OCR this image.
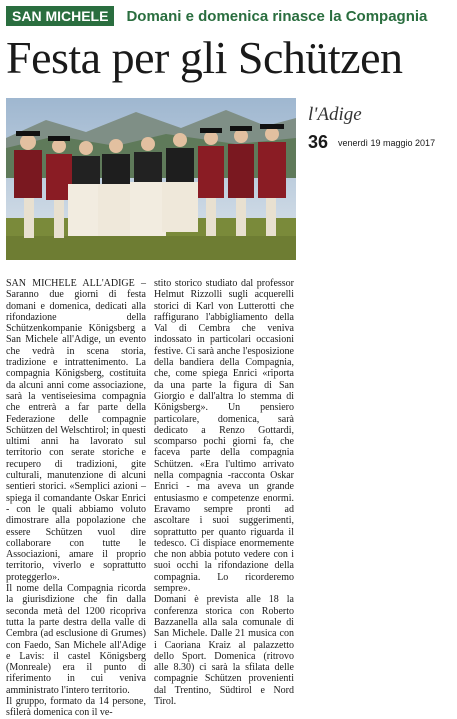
SAN MICHELE	Domani e domenica rinasce la Compagnia
Festa per gli Schützen
l'Adige
36 venerdì 19 maggio 2017

SAN MICHELE ALL'ADIGE – Saranno due giorni di festa domani e domenica, dedicati alla rifondazione della Schützenkompanie Königsberg a San Michele all'Adige, un evento che vedrà in scena storia, tradizione e intrattenimento. La compagnia Königsberg, costituita da alcuni anni come associazione, sarà la ventiseiesima compagnia che entrerà a far parte della Federazione delle compagnie Schützen del Welschtirol; in questi ultimi anni ha lavorato sul territorio con serate storiche e recupero di tradizioni, gite culturali, manutenzione di alcuni sentieri storici. «Semplici azioni – spiega il comandante Oskar Enrici - con le quali abbiamo voluto dimostrare alla popolazione che essere Schützen vuol dire collaborare con tutte le Associazioni, amare il proprio territorio, viverlo e soprattutto proteggerlo».

Il nome della Compagnia ricorda la giurisdizione che fin dalla seconda metà del 1200 ricopriva tutta la parte destra della valle di Cembra (ad esclusione di Grumes) con Faedo, San Michele all'Adige e Lavis: il castel Königsberg (Monreale) era il punto di riferimento in cui veniva amministrato l'intero territorio.

Il gruppo, formato da 14 persone, sfilerà domenica con il ve-

stito storico studiato dal professor Helmut Rizzolli sugli acquerelli storici di Karl von Lutterotti che raffigurano l'abbigliamento della Val di Cembra che veniva indossato in particolari occasioni festive. Ci sarà anche l'esposizione della bandiera della Compagnia, che, come spiega Enrici «riporta da una parte la figura di San Giorgio e dall'altra lo stemma di Königsberg». Un pensiero particolare, domenica, sarà dedicato a Renzo Gottardi, scomparso pochi giorni fa, che faceva parte della compagnia Schützen. «Era l'ultimo arrivato nella compagnia -racconta Oskar Enrici - ma aveva un grande entusiasmo e competenze enormi. Eravamo sempre pronti ad ascoltare i suoi suggerimenti, soprattutto per quanto riguarda il tedesco. Ci dispiace enormemente che non abbia potuto vedere con i suoi occhi la rifondazione della compagnia. Lo ricorderemo sempre».

Domani è prevista alle 18 la conferenza storica con Roberto Bazzanella alla sala comunale di San Michele. Dalle 21 musica con i Caoriana Kraiz al palazzetto dello Sport. Domenica (ritrovo alle 8.30) ci sarà la sfilata delle compagnie Schützen provenienti dal Trentino, Südtirol e Nord Tirol.
